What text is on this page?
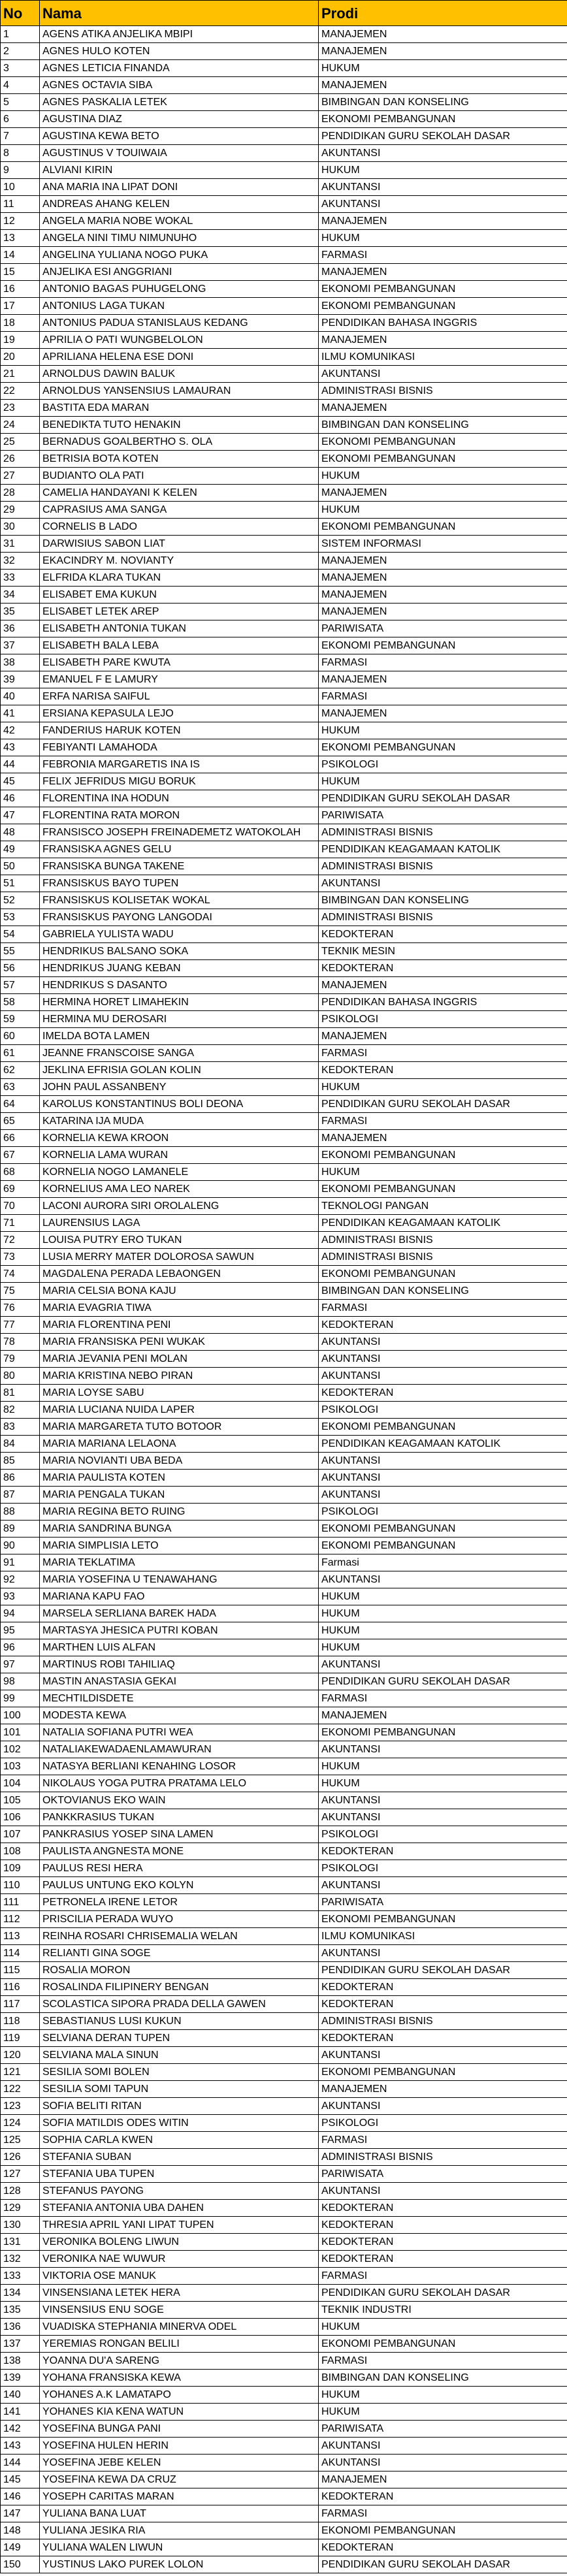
No	Nama	Prodi
1	AGENS ATIKA ANJELIKA MBIPI	MANAJEMEN
2	AGNES HULO KOTEN	MANAJEMEN
3	AGNES LETICIA FINANDA	HUKUM
4	AGNES OCTAVIA SIBA	MANAJEMEN
5	AGNES PASKALIA LETEK	BIMBINGAN DAN KONSELING
6	AGUSTINA DIAZ	EKONOMI PEMBANGUNAN
7	AGUSTINA KEWA BETO	PENDIDIKAN GURU SEKOLAH DASAR
8	AGUSTINUS V TOUIWAIA	AKUNTANSI
9	ALVIANI KIRIN	HUKUM
10	ANA MARIA INA LIPAT DONI	AKUNTANSI
11	ANDREAS AHANG KELEN	AKUNTANSI
12	ANGELA MARIA NOBE WOKAL	MANAJEMEN
13	ANGELA NINI TIMU NIMUNUHO	HUKUM
14	ANGELINA YULIANA NOGO PUKA	FARMASI
15	ANJELIKA ESI ANGGRIANI	MANAJEMEN
16	ANTONIO BAGAS PUHUGELONG	EKONOMI PEMBANGUNAN
17	ANTONIUS LAGA TUKAN	EKONOMI PEMBANGUNAN
18	ANTONIUS PADUA STANISLAUS KEDANG	PENDIDIKAN BAHASA INGGRIS
19	APRILIA O PATI WUNGBELOLON	MANAJEMEN
20	APRILIANA HELENA ESE DONI	ILMU KOMUNIKASI
21	ARNOLDUS DAWIN BALUK	AKUNTANSI
22	ARNOLDUS YANSENSIUS LAMAURAN	ADMINISTRASI BISNIS
23	BASTITA EDA MARAN	MANAJEMEN
24	BENEDIKTA TUTO HENAKIN	BIMBINGAN DAN KONSELING
25	BERNADUS GOALBERTHO S. OLA	EKONOMI PEMBANGUNAN
26	BETRISIA BOTA KOTEN	EKONOMI PEMBANGUNAN
27	BUDIANTO OLA PATI	HUKUM
28	CAMELIA HANDAYANI K KELEN	MANAJEMEN
29	CAPRASIUS AMA SANGA	HUKUM
30	CORNELIS B LADO	EKONOMI PEMBANGUNAN
31	DARWISIUS SABON LIAT	SISTEM INFORMASI
32	EKACINDRY M. NOVIANTY	MANAJEMEN
33	ELFRIDA KLARA TUKAN	MANAJEMEN
34	ELISABET EMA KUKUN	MANAJEMEN
35	ELISABET LETEK AREP	MANAJEMEN
36	ELISABETH ANTONIA TUKAN	PARIWISATA
37	ELISABETH BALA LEBA	EKONOMI PEMBANGUNAN
38	ELISABETH PARE KWUTA	FARMASI
39	EMANUEL F E LAMURY	MANAJEMEN
40	ERFA NARISA SAIFUL	FARMASI
41	ERSIANA KEPASULA LEJO	MANAJEMEN
42	FANDERIUS HARUK KOTEN	HUKUM
43	FEBIYANTI LAMAHODA	EKONOMI PEMBANGUNAN
44	FEBRONIA MARGARETIS INA IS	PSIKOLOGI
45	FELIX JEFRIDUS MIGU BORUK	HUKUM
46	FLORENTINA INA HODUN	PENDIDIKAN GURU SEKOLAH DASAR
47	FLORENTINA RATA MORON	PARIWISATA
48	FRANSISCO JOSEPH FREINADEMETZ WATOKOLAH	ADMINISTRASI BISNIS
49	FRANSISKA AGNES GELU	PENDIDIKAN KEAGAMAAN KATOLIK
50	FRANSISKA BUNGA TAKENE	ADMINISTRASI BISNIS
51	FRANSISKUS BAYO TUPEN	AKUNTANSI
52	FRANSISKUS KOLISETAK WOKAL	BIMBINGAN DAN KONSELING
53	FRANSISKUS PAYONG LANGODAI	ADMINISTRASI BISNIS
54	GABRIELA YULISTA WADU	KEDOKTERAN
55	HENDRIKUS BALSANO SOKA	TEKNIK MESIN
56	HENDRIKUS JUANG KEBAN	KEDOKTERAN
57	HENDRIKUS S DASANTO	MANAJEMEN
58	HERMINA HORET LIMAHEKIN	PENDIDIKAN BAHASA INGGRIS
59	HERMINA MU DEROSARI	PSIKOLOGI
60	IMELDA BOTA LAMEN	MANAJEMEN
61	JEANNE FRANSCOISE SANGA	FARMASI
62	JEKLINA EFRISIA GOLAN KOLIN	KEDOKTERAN
63	JOHN PAUL ASSANBENY	HUKUM
64	KAROLUS KONSTANTINUS BOLI DEONA	PENDIDIKAN GURU SEKOLAH DASAR
65	KATARINA IJA MUDA	FARMASI
66	KORNELIA KEWA KROON	MANAJEMEN
67	KORNELIA LAMA WURAN	EKONOMI PEMBANGUNAN
68	KORNELIA NOGO LAMANELE	HUKUM
69	KORNELIUS AMA LEO NAREK	EKONOMI PEMBANGUNAN
70	LACONI AURORA SIRI OROLALENG	TEKNOLOGI PANGAN
71	LAURENSIUS LAGA	PENDIDIKAN KEAGAMAAN KATOLIK
72	LOUISA PUTRY ERO TUKAN	ADMINISTRASI BISNIS
73	LUSIA MERRY MATER DOLOROSA SAWUN	ADMINISTRASI BISNIS
74	MAGDALENA PERADA LEBAONGEN	EKONOMI PEMBANGUNAN
75	MARIA CELSIA BONA KAJU	BIMBINGAN DAN KONSELING
76	MARIA EVAGRIA TIWA	FARMASI
77	MARIA FLORENTINA PENI	KEDOKTERAN
78	MARIA FRANSISKA PENI WUKAK	AKUNTANSI
79	MARIA JEVANIA PENI MOLAN	AKUNTANSI
80	MARIA KRISTINA NEBO PIRAN	AKUNTANSI
81	MARIA LOYSE SABU	KEDOKTERAN
82	MARIA LUCIANA NUIDA LAPER	PSIKOLOGI
83	MARIA MARGARETA TUTO BOTOOR	EKONOMI PEMBANGUNAN
84	MARIA MARIANA LELAONA	PENDIDIKAN KEAGAMAAN KATOLIK
85	MARIA NOVIANTI UBA BEDA	AKUNTANSI
86	MARIA PAULISTA KOTEN	AKUNTANSI
87	MARIA PENGALA TUKAN	AKUNTANSI
88	MARIA REGINA BETO RUING	PSIKOLOGI
89	MARIA SANDRINA BUNGA	EKONOMI PEMBANGUNAN
90	MARIA SIMPLISIA LETO	EKONOMI PEMBANGUNAN
91	MARIA TEKLATIMA	Farmasi
92	MARIA YOSEFINA U TENAWAHANG	AKUNTANSI
93	MARIANA KAPU FAO	HUKUM
94	MARSELA SERLIANA BAREK HADA	HUKUM
95	MARTASYA JHESICA PUTRI KOBAN	HUKUM
96	MARTHEN LUIS ALFAN	HUKUM
97	MARTINUS ROBI TAHILIAQ	AKUNTANSI
98	MASTIN ANASTASIA GEKAI	PENDIDIKAN GURU SEKOLAH DASAR
99	MECHTILDISDETE	FARMASI
100	MODESTA KEWA	MANAJEMEN
101	NATALIA SOFIANA PUTRI WEA	EKONOMI PEMBANGUNAN
102	NATALIAKEWADAENLAMAWURAN	AKUNTANSI
103	NATASYA BERLIANI KENAHING LOSOR	HUKUM
104	NIKOLAUS YOGA PUTRA PRATAMA LELO	HUKUM
105	OKTOVIANUS EKO WAIN	AKUNTANSI
106	PANKKRASIUS TUKAN	AKUNTANSI
107	PANKRASIUS YOSEP SINA LAMEN	PSIKOLOGI
108	PAULISTA ANGNESTA MONE	KEDOKTERAN
109	PAULUS RESI HERA	PSIKOLOGI
110	PAULUS UNTUNG EKO KOLYN	AKUNTANSI
111	PETRONELA IRENE LETOR	PARIWISATA
112	PRISCILIA PERADA WUYO	EKONOMI PEMBANGUNAN
113	REINHA ROSARI CHRISEMALIA WELAN	ILMU KOMUNIKASI
114	RELIANTI GINA SOGE	AKUNTANSI
115	ROSALIA MORON	PENDIDIKAN GURU SEKOLAH DASAR
116	ROSALINDA FILIPINERY BENGAN	KEDOKTERAN
117	SCOLASTICA SIPORA PRADA DELLA GAWEN	KEDOKTERAN
118	SEBASTIANUS LUSI KUKUN	ADMINISTRASI BISNIS
119	SELVIANA DERAN TUPEN	KEDOKTERAN
120	SELVIANA MALA SINUN	AKUNTANSI
121	SESILIA SOMI BOLEN	EKONOMI PEMBANGUNAN
122	SESILIA SOMI TAPUN	MANAJEMEN
123	SOFIA BELITI RITAN	AKUNTANSI
124	SOFIA MATILDIS ODES WITIN	PSIKOLOGI
125	SOPHIA CARLA KWEN	FARMASI
126	STEFANIA SUBAN	ADMINISTRASI BISNIS
127	STEFANIA UBA TUPEN	PARIWISATA
128	STEFANUS PAYONG	AKUNTANSI
129	STEFANIA ANTONIA UBA DAHEN	KEDOKTERAN
130	THRESIA APRIL YANI LIPAT TUPEN	KEDOKTERAN
131	VERONIKA BOLENG LIWUN	KEDOKTERAN
132	VERONIKA NAE WUWUR	KEDOKTERAN
133	VIKTORIA OSE MANUK	FARMASI
134	VINSENSIANA LETEK HERA	PENDIDIKAN GURU SEKOLAH DASAR
135	VINSENSIUS ENU SOGE	TEKNIK INDUSTRI
136	VUADISKA STEPHANIA MINERVA ODEL	HUKUM
137	YEREMIAS RONGAN BELILI	EKONOMI PEMBANGUNAN
138	YOANNA DU'A SARENG	FARMASI
139	YOHANA FRANSISKA KEWA	BIMBINGAN DAN KONSELING
140	YOHANES A.K LAMATAPO	HUKUM
141	YOHANES KIA KENA WATUN	HUKUM
142	YOSEFINA BUNGA PANI	PARIWISATA
143	YOSEFINA HULEN HERIN	AKUNTANSI
144	YOSEFINA JEBE KELEN	AKUNTANSI
145	YOSEFINA KEWA DA CRUZ	MANAJEMEN
146	YOSEPH CARITAS MARAN	KEDOKTERAN
147	YULIANA BANA LUAT	FARMASI
148	YULIANA JESIKA RIA	EKONOMI PEMBANGUNAN
149	YULIANA WALEN LIWUN	KEDOKTERAN
150	YUSTINUS LAKO PUREK LOLON	PENDIDIKAN GURU SEKOLAH DASAR
